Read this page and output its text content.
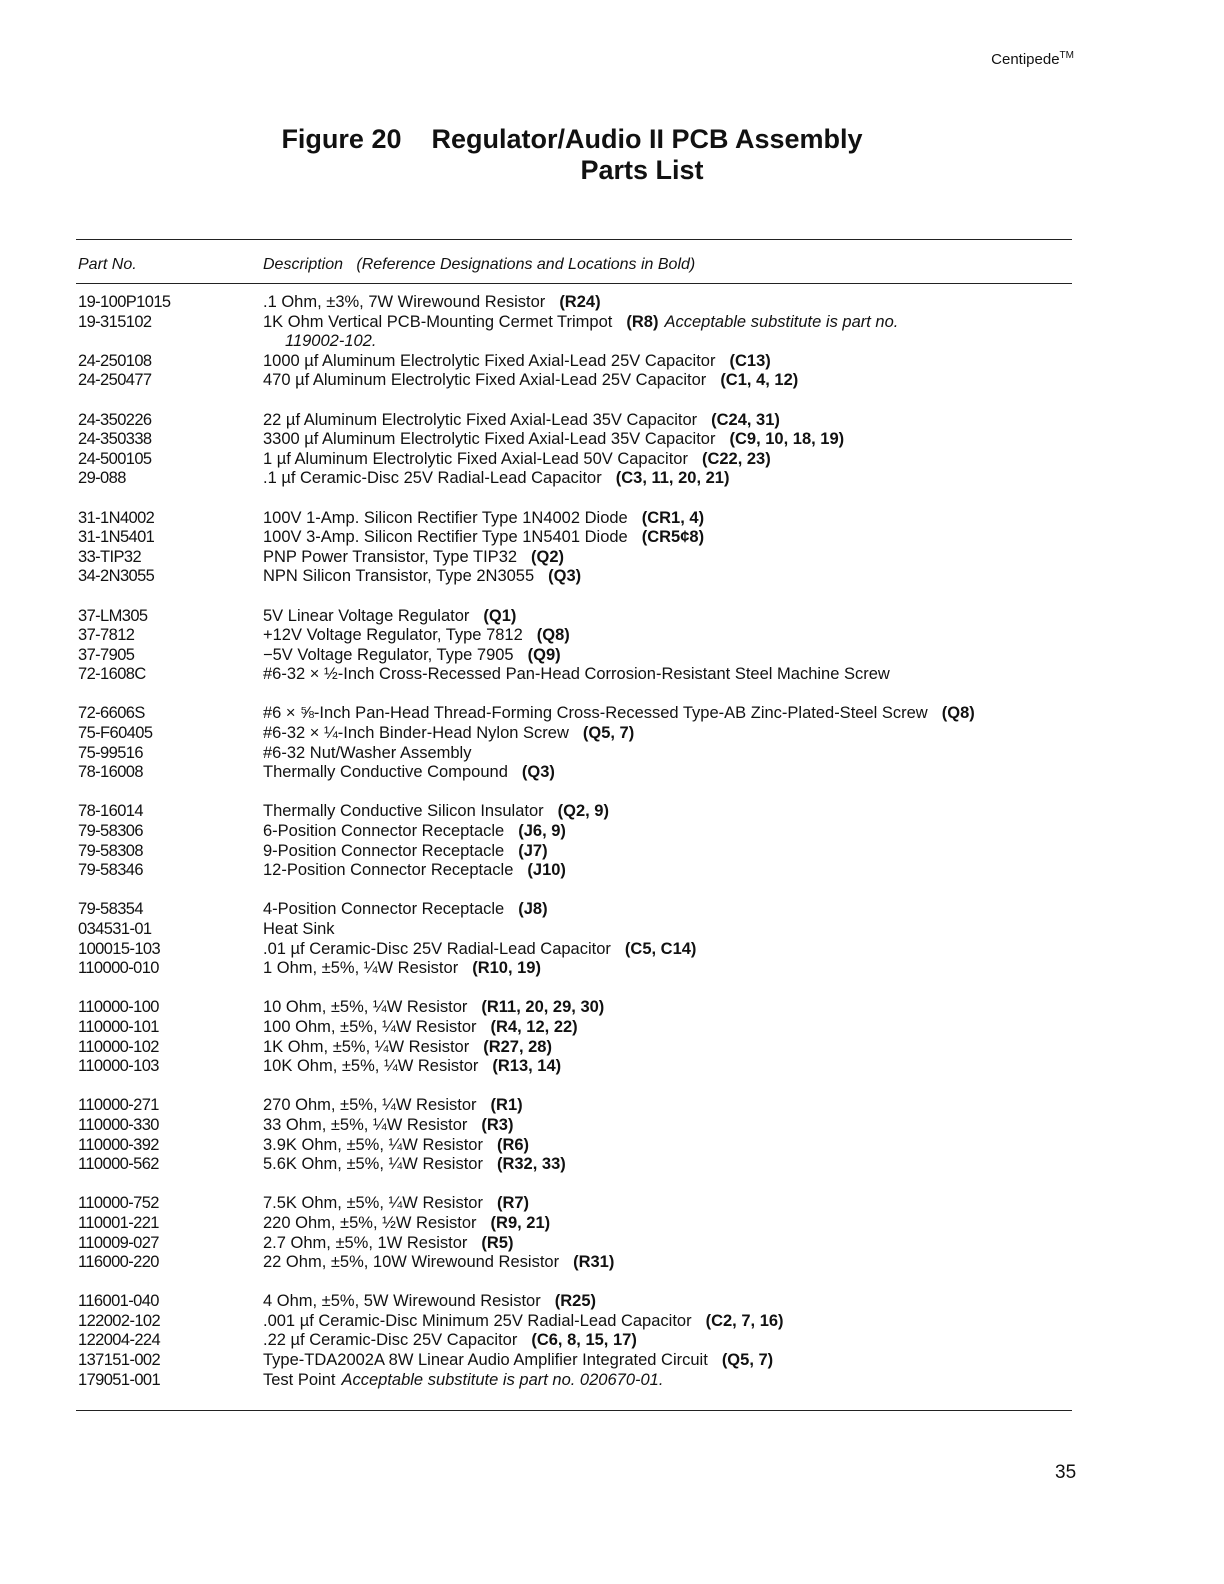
Centipede™
Figure 20 Regulator/Audio II PCB Assembly
Parts List
Part No.	Description   (Reference Designations and Locations in Bold)
19-100P1015	.1 Ohm, ±3%, 7W Wirewound Resistor (R24)
19-315102	1K Ohm Vertical PCB-Mounting Cermet Trimpot (R8) Acceptable substitute is part no.
119002-102.
24-250108	1000 µf Aluminum Electrolytic Fixed Axial-Lead 25V Capacitor (C13)
24-250477	470 µf Aluminum Electrolytic Fixed Axial-Lead 25V Capacitor (C1, 4, 12)
24-350226	22 µf Aluminum Electrolytic Fixed Axial-Lead 35V Capacitor (C24, 31)
24-350338	3300 µf Aluminum Electrolytic Fixed Axial-Lead 35V Capacitor (C9, 10, 18, 19)
24-500105	1 µf Aluminum Electrolytic Fixed Axial-Lead 50V Capacitor (C22, 23)
29-088	.1 µf Ceramic-Disc 25V Radial-Lead Capacitor (C3, 11, 20, 21)
31-1N4002	100V 1-Amp. Silicon Rectifier Type 1N4002 Diode (CR1, 4)
31-1N5401	100V 3-Amp. Silicon Rectifier Type 1N5401 Diode (CR5¢8)
33-TIP32	PNP Power Transistor, Type TIP32 (Q2)
34-2N3055	NPN Silicon Transistor, Type 2N3055 (Q3)
37-LM305	5V Linear Voltage Regulator (Q1)
37-7812	+12V Voltage Regulator, Type 7812 (Q8)
37-7905	−5V Voltage Regulator, Type 7905 (Q9)
72-1608C	#6-32 × ½-Inch Cross-Recessed Pan-Head Corrosion-Resistant Steel Machine Screw
72-6606S	#6 × ⅝-Inch Pan-Head Thread-Forming Cross-Recessed Type-AB Zinc-Plated-Steel Screw (Q8)
75-F60405	#6-32 × ¼-Inch Binder-Head Nylon Screw (Q5, 7)
75-99516	#6-32 Nut/Washer Assembly
78-16008	Thermally Conductive Compound (Q3)
78-16014	Thermally Conductive Silicon Insulator (Q2, 9)
79-58306	6-Position Connector Receptacle (J6, 9)
79-58308	9-Position Connector Receptacle (J7)
79-58346	12-Position Connector Receptacle (J10)
79-58354	4-Position Connector Receptacle (J8)
034531-01	Heat Sink
100015-103	.01 µf Ceramic-Disc 25V Radial-Lead Capacitor (C5, C14)
110000-010	1 Ohm, ±5%, ¼W Resistor (R10, 19)
110000-100	10 Ohm, ±5%, ¼W Resistor (R11, 20, 29, 30)
110000-101	100 Ohm, ±5%, ¼W Resistor (R4, 12, 22)
110000-102	1K Ohm, ±5%, ¼W Resistor (R27, 28)
110000-103	10K Ohm, ±5%, ¼W Resistor (R13, 14)
110000-271	270 Ohm, ±5%, ¼W Resistor (R1)
110000-330	33 Ohm, ±5%, ¼W Resistor (R3)
110000-392	3.9K Ohm, ±5%, ¼W Resistor (R6)
110000-562	5.6K Ohm, ±5%, ¼W Resistor (R32, 33)
110000-752	7.5K Ohm, ±5%, ¼W Resistor (R7)
110001-221	220 Ohm, ±5%, ½W Resistor (R9, 21)
110009-027	2.7 Ohm, ±5%, 1W Resistor (R5)
116000-220	22 Ohm, ±5%, 10W Wirewound Resistor (R31)
116001-040	4 Ohm, ±5%, 5W Wirewound Resistor (R25)
122002-102	.001 µf Ceramic-Disc Minimum 25V Radial-Lead Capacitor (C2, 7, 16)
122004-224	.22 µf Ceramic-Disc 25V Capacitor (C6, 8, 15, 17)
137151-002	Type-TDA2002A 8W Linear Audio Amplifier Integrated Circuit (Q5, 7)
179051-001	Test Point Acceptable substitute is part no. 020670-01.
35
